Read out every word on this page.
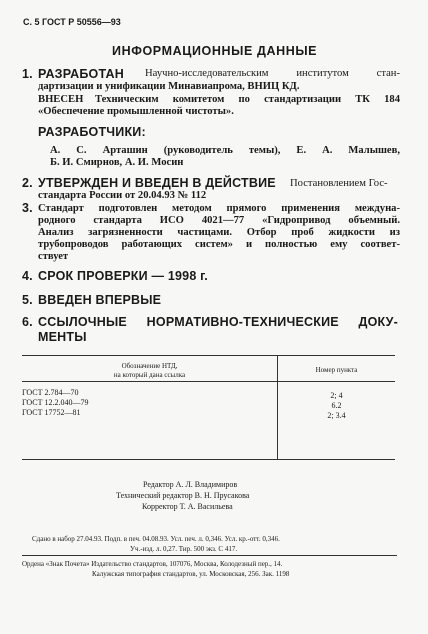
С. 5 ГОСТ Р 50556—93
ИНФОРМАЦИОННЫЕ ДАННЫЕ
1. РАЗРАБОТАН Научно-исследовательским институтом стан-
дартизации и унификации Минавиапрома, ВНИЦ КД.
ВНЕСЕН Техническим комитетом по стандартизации ТК 184
«Обеспечение промышленной чистоты».
РАЗРАБОТЧИКИ:
А. С. Арташин (руководитель темы), Е. А. Малышев,
Б. И. Смирнов, А. И. Мосин
2. УТВЕРЖДЕН И ВВЕДЕН В ДЕЙСТВИЕ Постановлением Гос-
стандарта России от 20.04.93 № 112
3. Стандарт подготовлен методом прямого применения междуна-
родного стандарта ИСО 4021—77 «Гидропривод объемный.
Анализ загрязненности частицами. Отбор проб жидкости из
трубопроводов работающих систем» и полностью ему соответ-
ствует
4. СРОК ПРОВЕРКИ — 1998 г.
5. ВВЕДЕН ВПЕРВЫЕ
6. ССЫЛОЧНЫЕ НОРМАТИВНО-ТЕХНИЧЕСКИЕ ДОКУ-
МЕНТЫ
Обозначение НТД,
на который дана ссылка
Номер пункта
ГОСТ 2.784—70	2; 4
ГОСТ 12.2.040—79	6.2
ГОСТ 17752—81	2; 3.4
Редактор А. Л. Владимиров
Технический редактор В. Н. Прусакова
Корректор Т. А. Васильева
Сдано в набор 27.04.93. Подп. в печ. 04.08.93. Усл. печ. л. 0,346. Усл. кр.-отт. 0,346.
Уч.-изд. л. 0,27. Тир. 500 экз. С 417.
Ордена «Знак Почета» Издательство стандартов, 107076, Москва, Колодезный пер., 14.
Калужская типография стандартов, ул. Московская, 256. Зак. 1198
